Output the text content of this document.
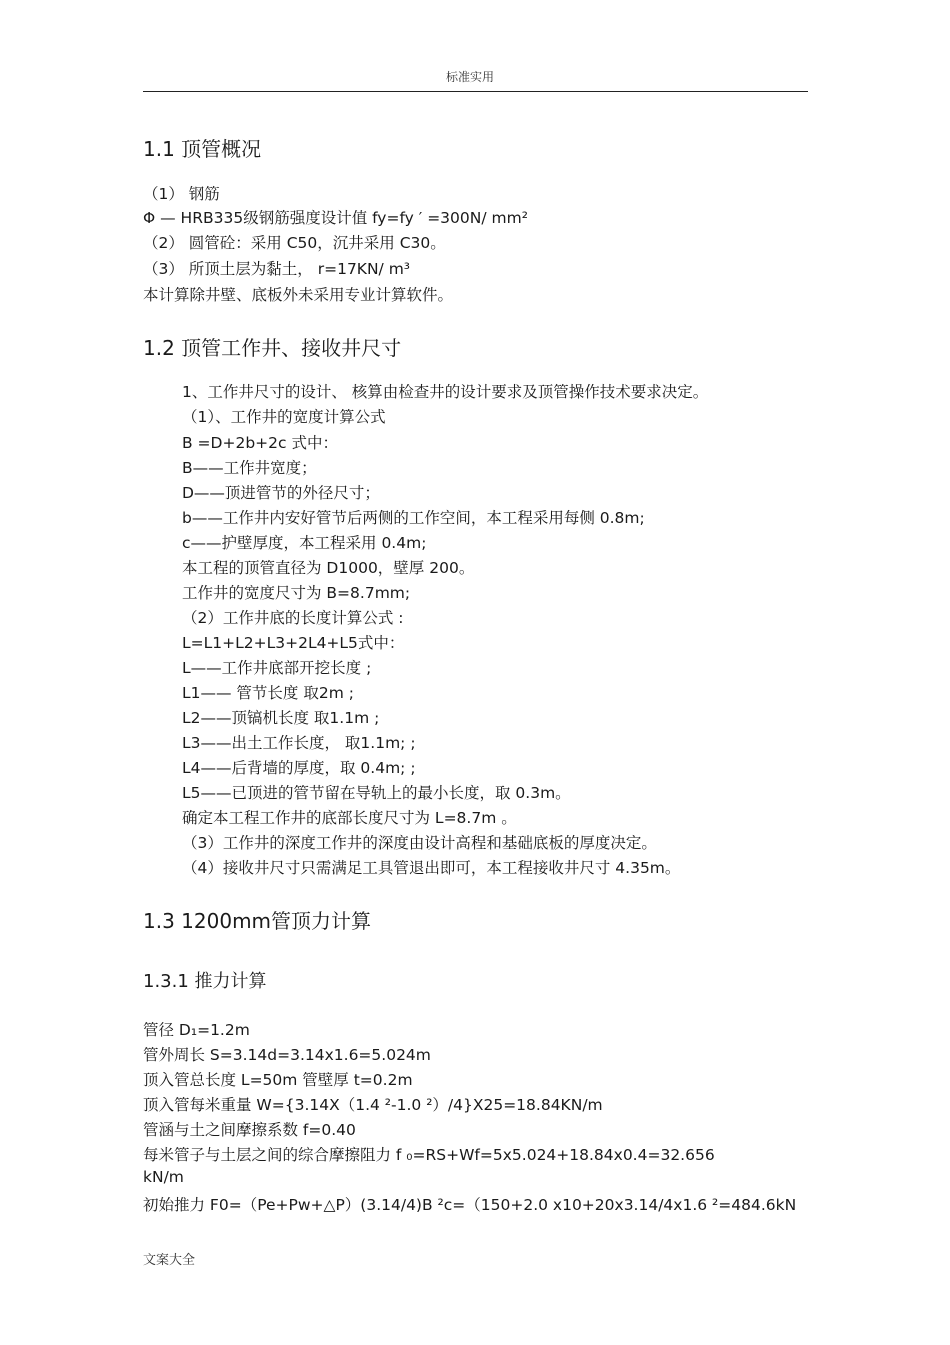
标准实用
1.1 顶管概况
（1） 钢筋
Φ — HRB335级钢筋强度设计值 fy=fy ′ =300N/ mm²
（2） 圆管砼：采用 C50，沉井采用 C30。
（3） 所顶土层为黏土， r=17KN/ m³
本计算除井壁、底板外未采用专业计算软件。
1.2 顶管工作井、接收井尺寸
1、工作井尺寸的设计、 核算由检查井的设计要求及顶管操作技术要求决定。
（1）、工作井的宽度计算公式
B =D+2b+2c 式中：
B——工作井宽度；
D——顶进管节的外径尺寸；
b——工作井内安好管节后两侧的工作空间，本工程采用每侧 0.8m;
c——护壁厚度，本工程采用 0.4m;
本工程的顶管直径为 D1000，壁厚 200。
工作井的宽度尺寸为 B=8.7mm;
（2）工作井底的长度计算公式 :
L=L1+L2+L3+2L4+L5式中：
L——工作井底部开挖长度 ;
L1—— 管节长度 取2m ;
L2——顶镐机长度 取1.1m ;
L3——出土工作长度， 取1.1m; ;
L4——后背墙的厚度，取 0.4m; ;
L5——已顶进的管节留在导轨上的最小长度，取 0.3m。
确定本工程工作井的底部长度尺寸为 L=8.7m 。
（3）工作井的深度工作井的深度由设计高程和基础底板的厚度决定。
（4）接收井尺寸只需满足工具管退出即可，本工程接收井尺寸 4.35m。
1.3 1200mm管顶力计算
1.3.1 推力计算
管径 D₁=1.2m
管外周长 S=3.14d=3.14x1.6=5.024m
顶入管总长度 L=50m 管壁厚 t=0.2m
顶入管每米重量 W={3.14X（1.4 ²-1.0 ²）/4}X25=18.84KN/m
管涵与土之间摩擦系数 f=0.40
每米管子与土层之间的综合摩擦阻力 f ₀=RS+Wf=5x5.024+18.84x0.4=32.656
kN/m
初始推力 F0=（Pe+Pw+△P）(3.14/4)B ²c=（150+2.0 x10+20x3.14/4x1.6 ²=484.6kN
文案大全
